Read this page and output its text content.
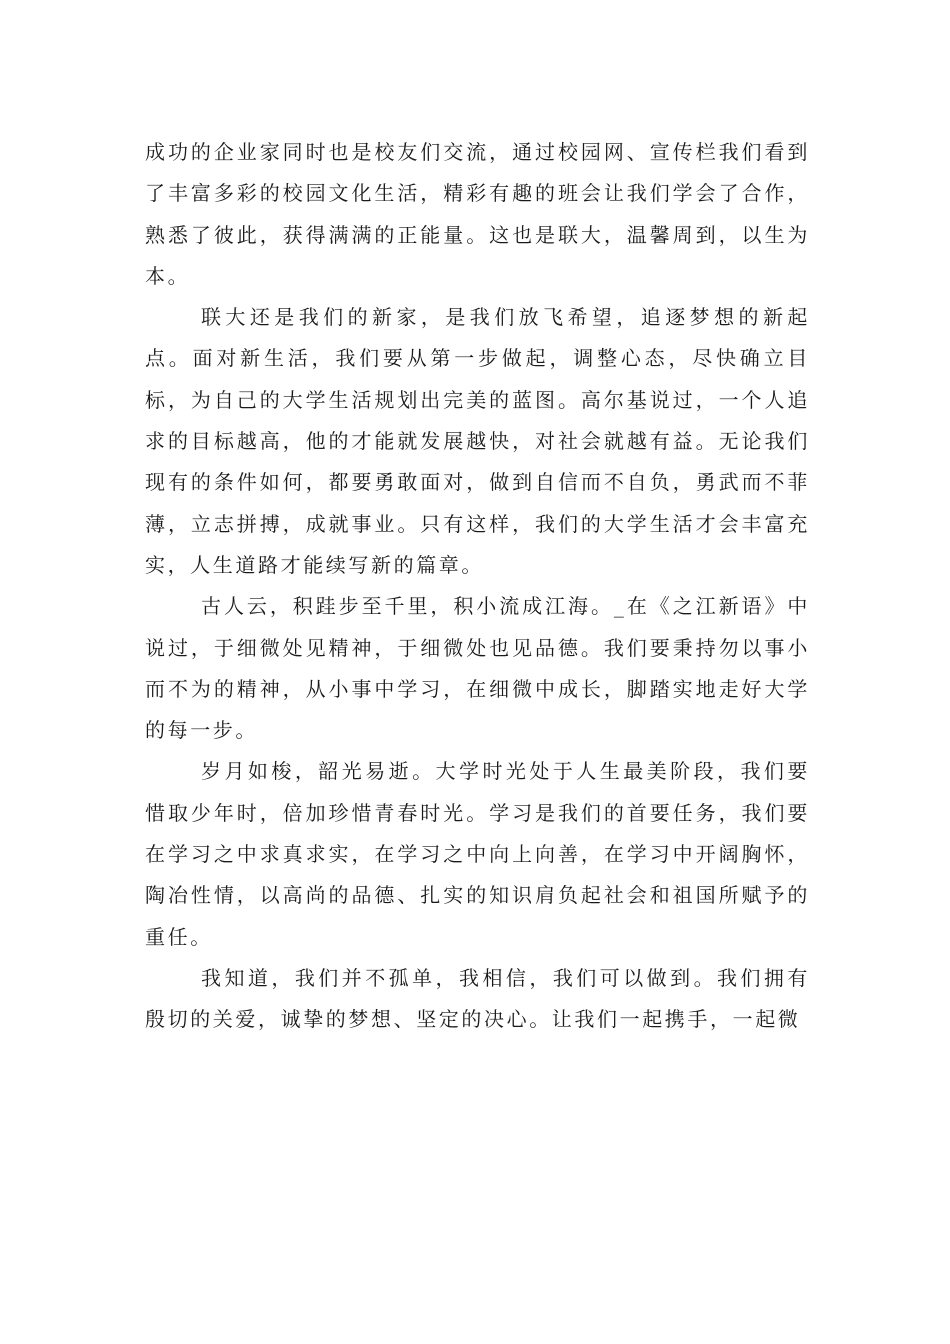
成功的企业家同时也是校友们交流，通过校园网、宣传栏我们看到了丰富多彩的校园文化生活，精彩有趣的班会让我们学会了合作，熟悉了彼此，获得满满的正能量。这也是联大，温馨周到，以生为本。

联大还是我们的新家，是我们放飞希望，追逐梦想的新起点。面对新生活，我们要从第一步做起，调整心态，尽快确立目标，为自己的大学生活规划出完美的蓝图。高尔基说过，一个人追求的目标越高，他的才能就发展越快，对社会就越有益。无论我们现有的条件如何，都要勇敢面对，做到自信而不自负，勇武而不菲薄，立志拼搏，成就事业。只有这样，我们的大学生活才会丰富充实，人生道路才能续写新的篇章。

古人云，积跬步至千里，积小流成江海。_在《之江新语》中说过，于细微处见精神，于细微处也见品德。我们要秉持勿以事小而不为的精神，从小事中学习，在细微中成长，脚踏实地走好大学的每一步。

岁月如梭，韶光易逝。大学时光处于人生最美阶段，我们要惜取少年时，倍加珍惜青春时光。学习是我们的首要任务，我们要在学习之中求真求实，在学习之中向上向善，在学习中开阔胸怀，陶冶性情，以高尚的品德、扎实的知识肩负起社会和祖国所赋予的重任。

我知道，我们并不孤单，我相信，我们可以做到。我们拥有殷切的关爱，诚挚的梦想、坚定的决心。让我们一起携手，一起微
